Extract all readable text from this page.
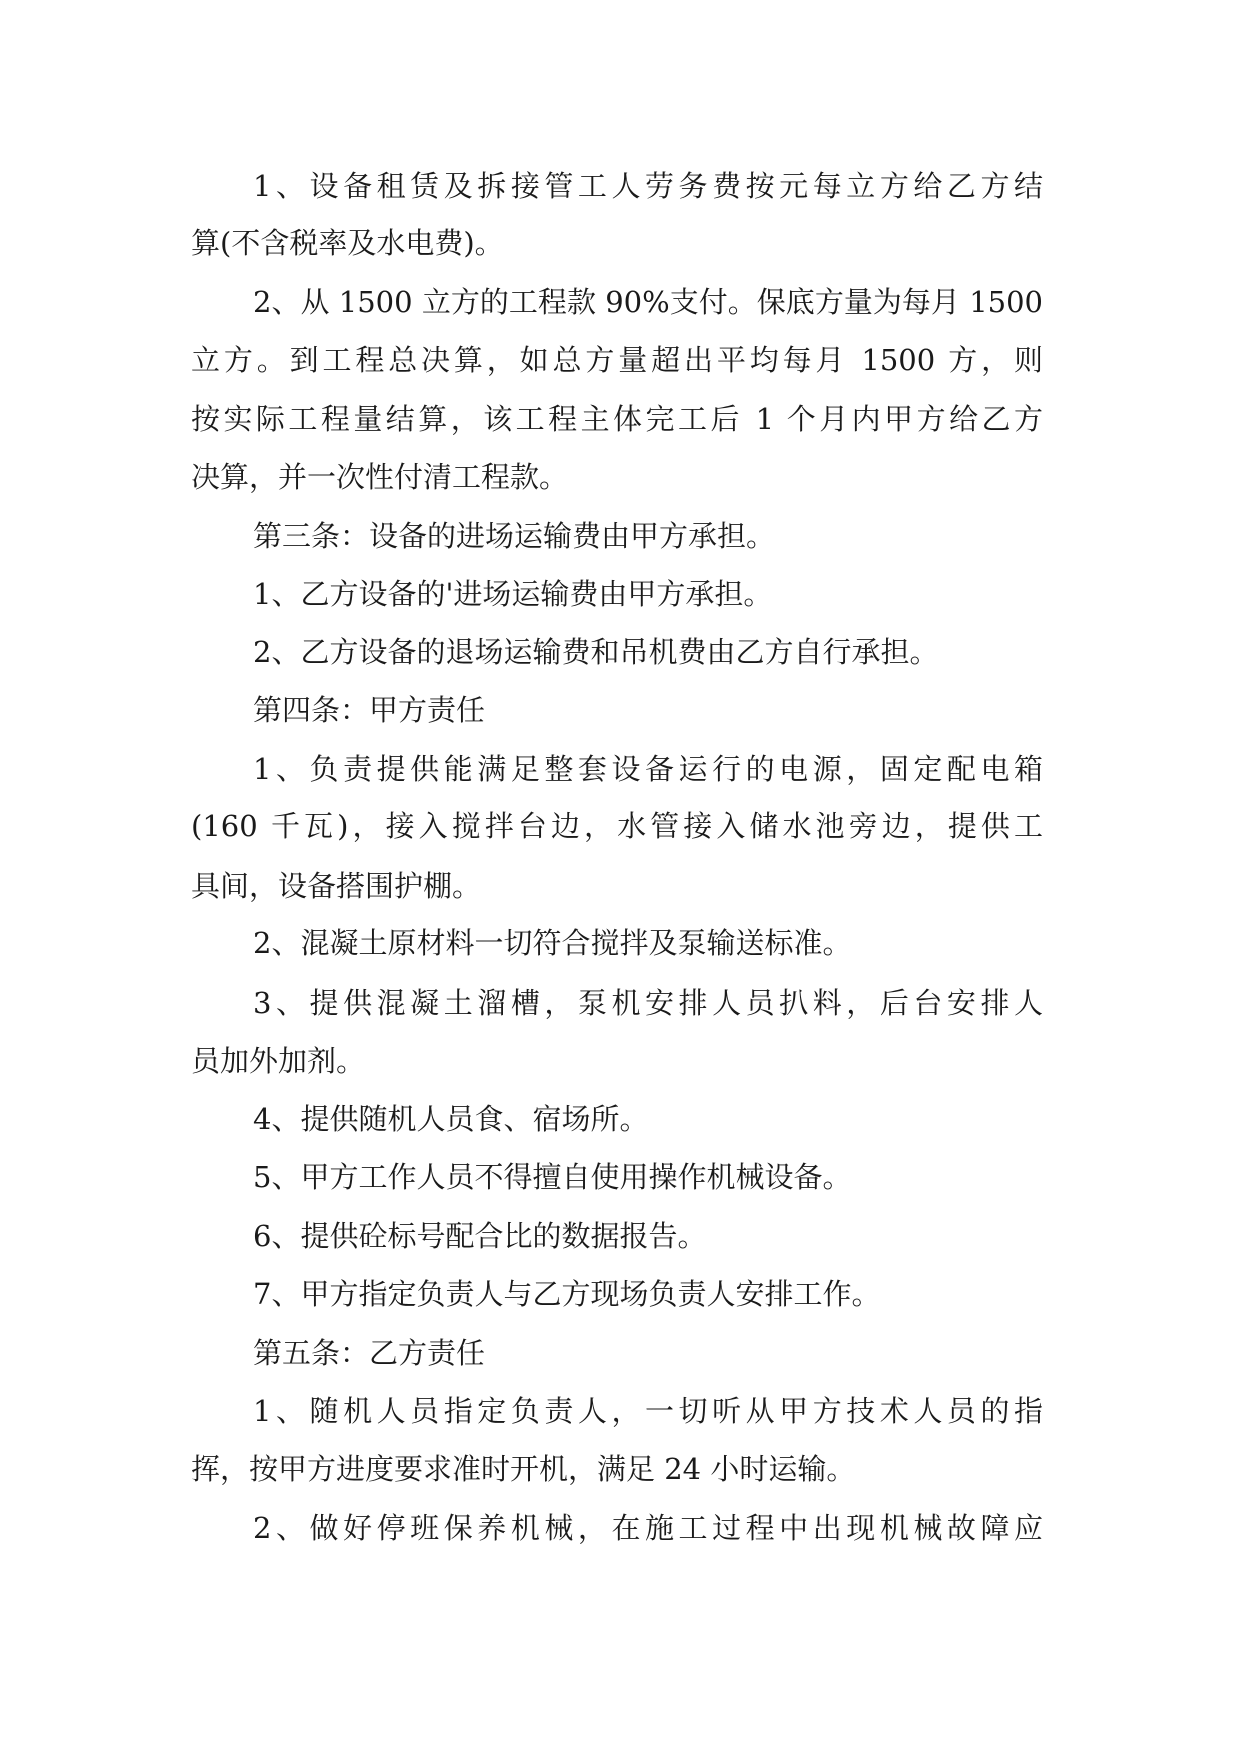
1、设备租赁及拆接管工人劳务费按元每立方给乙方结

算(不含税率及水电费)。

2、从 1500 立方的工程款 90%支付。保底方量为每月 1500

立方。到工程总决算，如总方量超出平均每月 1500 方，则

按实际工程量结算，该工程主体完工后 1 个月内甲方给乙方

决算，并一次性付清工程款。

第三条：设备的进场运输费由甲方承担。

1、乙方设备的'进场运输费由甲方承担。

2、乙方设备的退场运输费和吊机费由乙方自行承担。

第四条：甲方责任

1、负责提供能满足整套设备运行的电源，固定配电箱

(160 千瓦)，接入搅拌台边，水管接入储水池旁边，提供工

具间，设备搭围护棚。

2、混凝土原材料一切符合搅拌及泵输送标准。

3、提供混凝土溜槽，泵机安排人员扒料，后台安排人

员加外加剂。

4、提供随机人员食、宿场所。

5、甲方工作人员不得擅自使用操作机械设备。

6、提供砼标号配合比的数据报告。

7、甲方指定负责人与乙方现场负责人安排工作。

第五条：乙方责任

1、随机人员指定负责人，一切听从甲方技术人员的指

挥，按甲方进度要求准时开机，满足 24 小时运输。

2、做好停班保养机械，在施工过程中出现机械故障应
